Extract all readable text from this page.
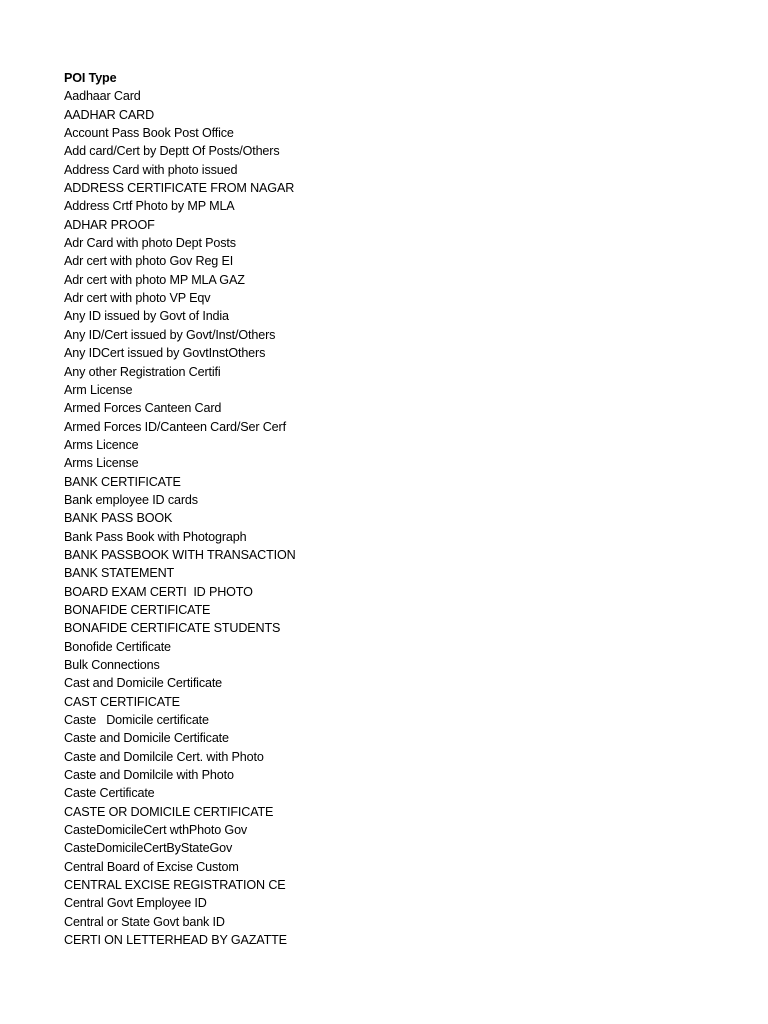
POI Type
Aadhaar Card
AADHAR CARD
Account Pass Book Post Office
Add card/Cert by Deptt Of Posts/Others
Address Card with photo issued
ADDRESS CERTIFICATE FROM NAGAR
Address Crtf Photo by MP MLA
ADHAR PROOF
Adr Card with photo Dept Posts
Adr cert with photo Gov Reg EI
Adr cert with photo MP MLA GAZ
Adr cert with photo VP Eqv
Any ID issued by Govt of India
Any ID/Cert issued by Govt/Inst/Others
Any IDCert issued by GovtInstOthers
Any other Registration Certifi
Arm License
Armed Forces Canteen Card
Armed Forces ID/Canteen Card/Ser Cerf
Arms Licence
Arms License
BANK CERTIFICATE
Bank employee ID cards
BANK PASS BOOK
Bank Pass Book with Photograph
BANK PASSBOOK WITH TRANSACTION
BANK STATEMENT
BOARD EXAM CERTI  ID PHOTO
BONAFIDE CERTIFICATE
BONAFIDE CERTIFICATE STUDENTS
Bonofide Certificate
Bulk Connections
Cast and Domicile Certificate
CAST CERTIFICATE
Caste   Domicile certificate
Caste and Domicile Certificate
Caste and Domilcile Cert. with Photo
Caste and Domilcile with Photo
Caste Certificate
CASTE OR DOMICILE CERTIFICATE
CasteDomicileCert wthPhoto Gov
CasteDomicileCertByStateGov
Central Board of Excise Custom
CENTRAL EXCISE REGISTRATION CE
Central Govt Employee ID
Central or State Govt bank ID
CERTI ON LETTERHEAD BY GAZATTE
